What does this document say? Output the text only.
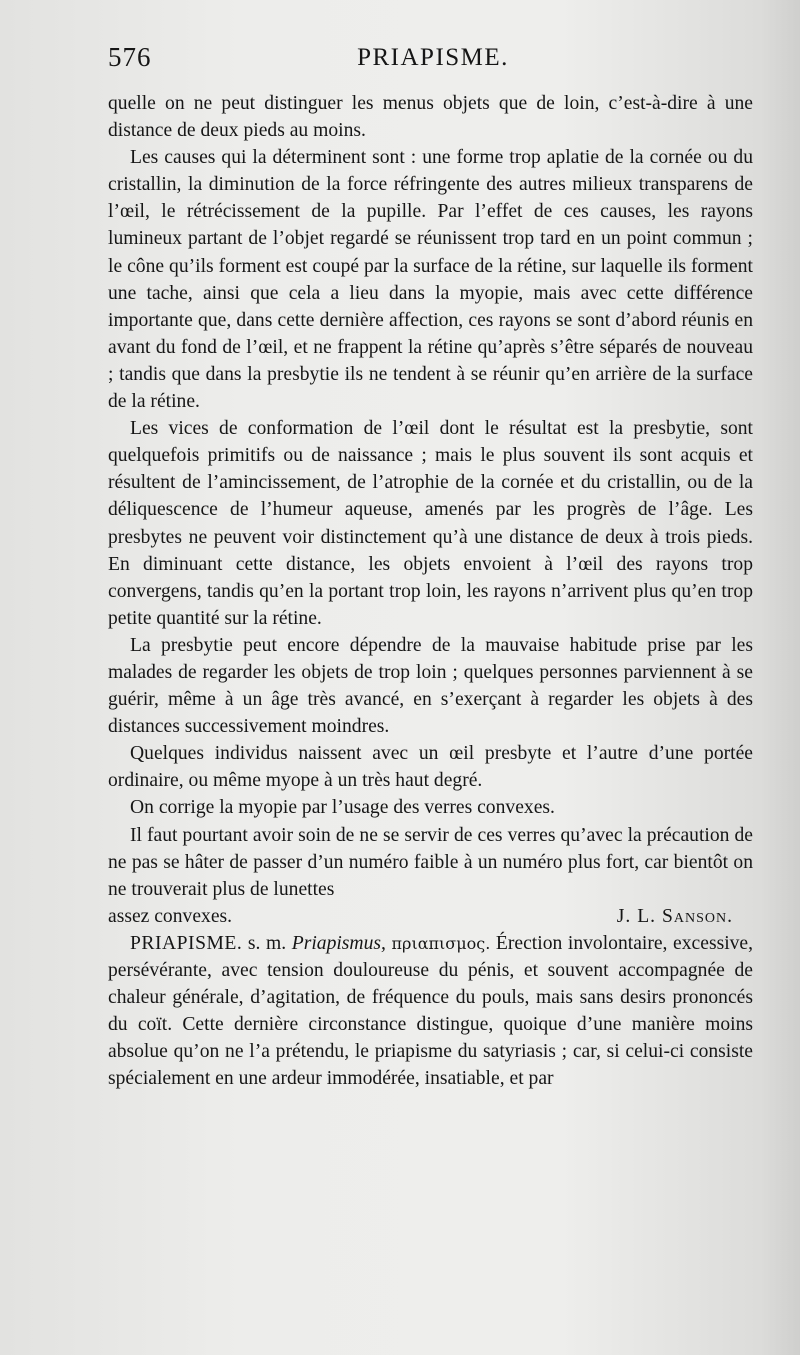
576	PRIAPISME.

quelle on ne peut distinguer les menus objets que de loin, c’est-à-dire à une distance de deux pieds au moins.

Les causes qui la déterminent sont : une forme trop aplatie de la cornée ou du cristallin, la diminution de la force réfringente des autres milieux transparens de l’œil, le rétrécissement de la pupille. Par l’effet de ces causes, les rayons lumineux partant de l’objet regardé se réunissent trop tard en un point commun ; le cône qu’ils forment est coupé par la surface de la rétine, sur laquelle ils forment une tache, ainsi que cela a lieu dans la myopie, mais avec cette différence importante que, dans cette dernière affection, ces rayons se sont d’abord réunis en avant du fond de l’œil, et ne frappent la rétine qu’après s’être séparés de nouveau ; tandis que dans la presbytie ils ne tendent à se réunir qu’en arrière de la surface de la rétine.

Les vices de conformation de l’œil dont le résultat est la presbytie, sont quelquefois primitifs ou de naissance ; mais le plus souvent ils sont acquis et résultent de l’amincissement, de l’atrophie de la cornée et du cristallin, ou de la déliquescence de l’humeur aqueuse, amenés par les progrès de l’âge. Les presbytes ne peuvent voir distinctement qu’à une distance de deux à trois pieds. En diminuant cette distance, les objets envoient à l’œil des rayons trop convergens, tandis qu’en la portant trop loin, les rayons n’arrivent plus qu’en trop petite quantité sur la rétine.

La presbytie peut encore dépendre de la mauvaise habitude prise par les malades de regarder les objets de trop loin ; quelques personnes parviennent à se guérir, même à un âge très avancé, en s’exerçant à regarder les objets à des distances successivement moindres.

Quelques individus naissent avec un œil presbyte et l’autre d’une portée ordinaire, ou même myope à un très haut degré.

On corrige la myopie par l’usage des verres convexes.

Il faut pourtant avoir soin de ne se servir de ces verres qu’avec la précaution de ne pas se hâter de passer d’un numéro faible à un numéro plus fort, car bientôt on ne trouverait plus de lunettes

assez convexes.	J. L. Sanson.

PRIAPISME. s. m. Priapismus, πριαπισμος. Érection involontaire, excessive, persévérante, avec tension douloureuse du pénis, et souvent accompagnée de chaleur générale, d’agitation, de fréquence du pouls, mais sans desirs prononcés du coït. Cette dernière circonstance distingue, quoique d’une manière moins absolue qu’on ne l’a prétendu, le priapisme du satyriasis ; car, si celui-ci consiste spécialement en une ardeur immodérée, insatiable, et par
